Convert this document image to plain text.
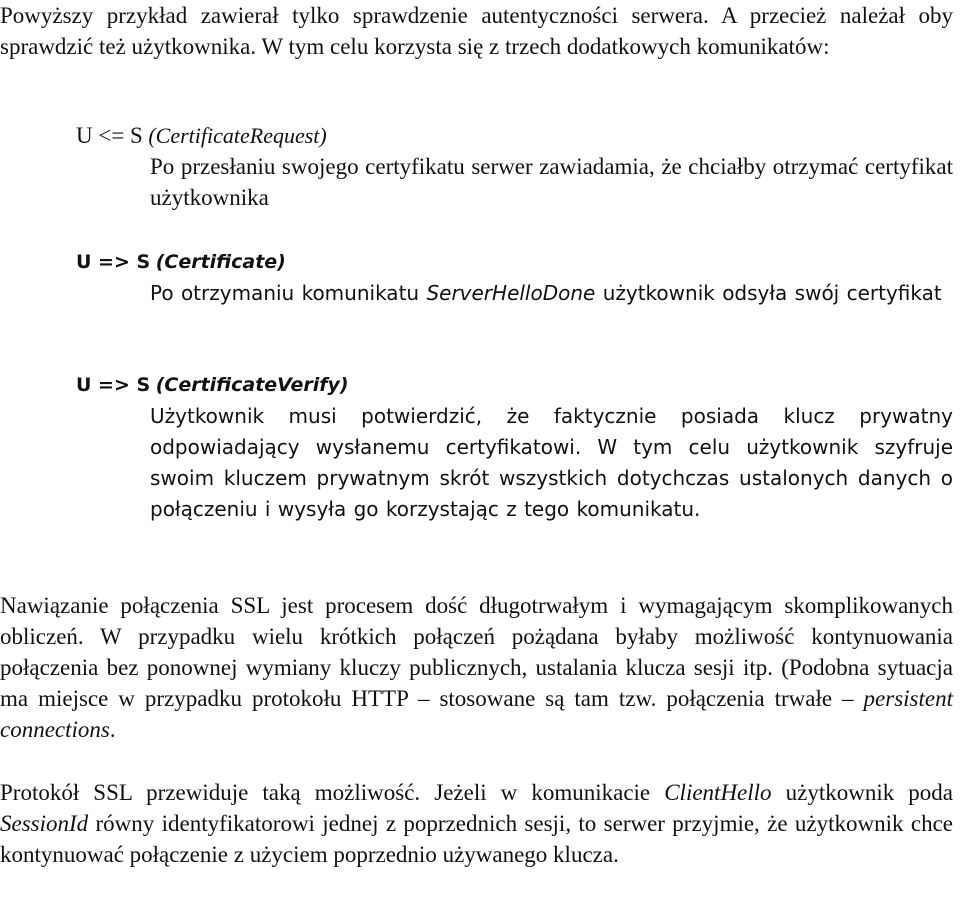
Powyższy przykład zawierał tylko sprawdzenie autentyczności serwera. A przecież należał oby sprawdzić też użytkownika. W tym celu korzysta się z trzech dodatkowych komunikatów:

U <= S (CertificateRequest)

Po przesłaniu swojego certyfikatu serwer zawiadamia, że chciałby otrzymać certyfikat użytkownika

U => S (Certificate)

Po otrzymaniu komunikatu ServerHelloDone użytkownik odsyła swój certyfikat

U => S (CertificateVerify)

Użytkownik musi potwierdzić, że faktycznie posiada klucz prywatny odpowiadający wysłanemu certyfikatowi. W tym celu użytkownik szyfruje swoim kluczem prywatnym skrót wszystkich dotychczas ustalonych danych o połączeniu i wysyła go korzystając z tego komunikatu.

Nawiązanie połączenia SSL jest procesem dość długotrwałym i wymagającym skomplikowanych obliczeń. W przypadku wielu krótkich połączeń pożądana byłaby możliwość kontynuowania połączenia bez ponownej wymiany kluczy publicznych, ustalania klucza sesji itp. (Podobna sytuacja ma miejsce w przypadku protokołu HTTP – stosowane są tam tzw. połączenia trwałe – persistent connections.

Protokół SSL przewiduje taką możliwość. Jeżeli w komunikacie ClientHello użytkownik poda SessionId równy identyfikatorowi jednej z poprzednich sesji, to serwer przyjmie, że użytkownik chce kontynuować połączenie z użyciem poprzednio używanego klucza.
